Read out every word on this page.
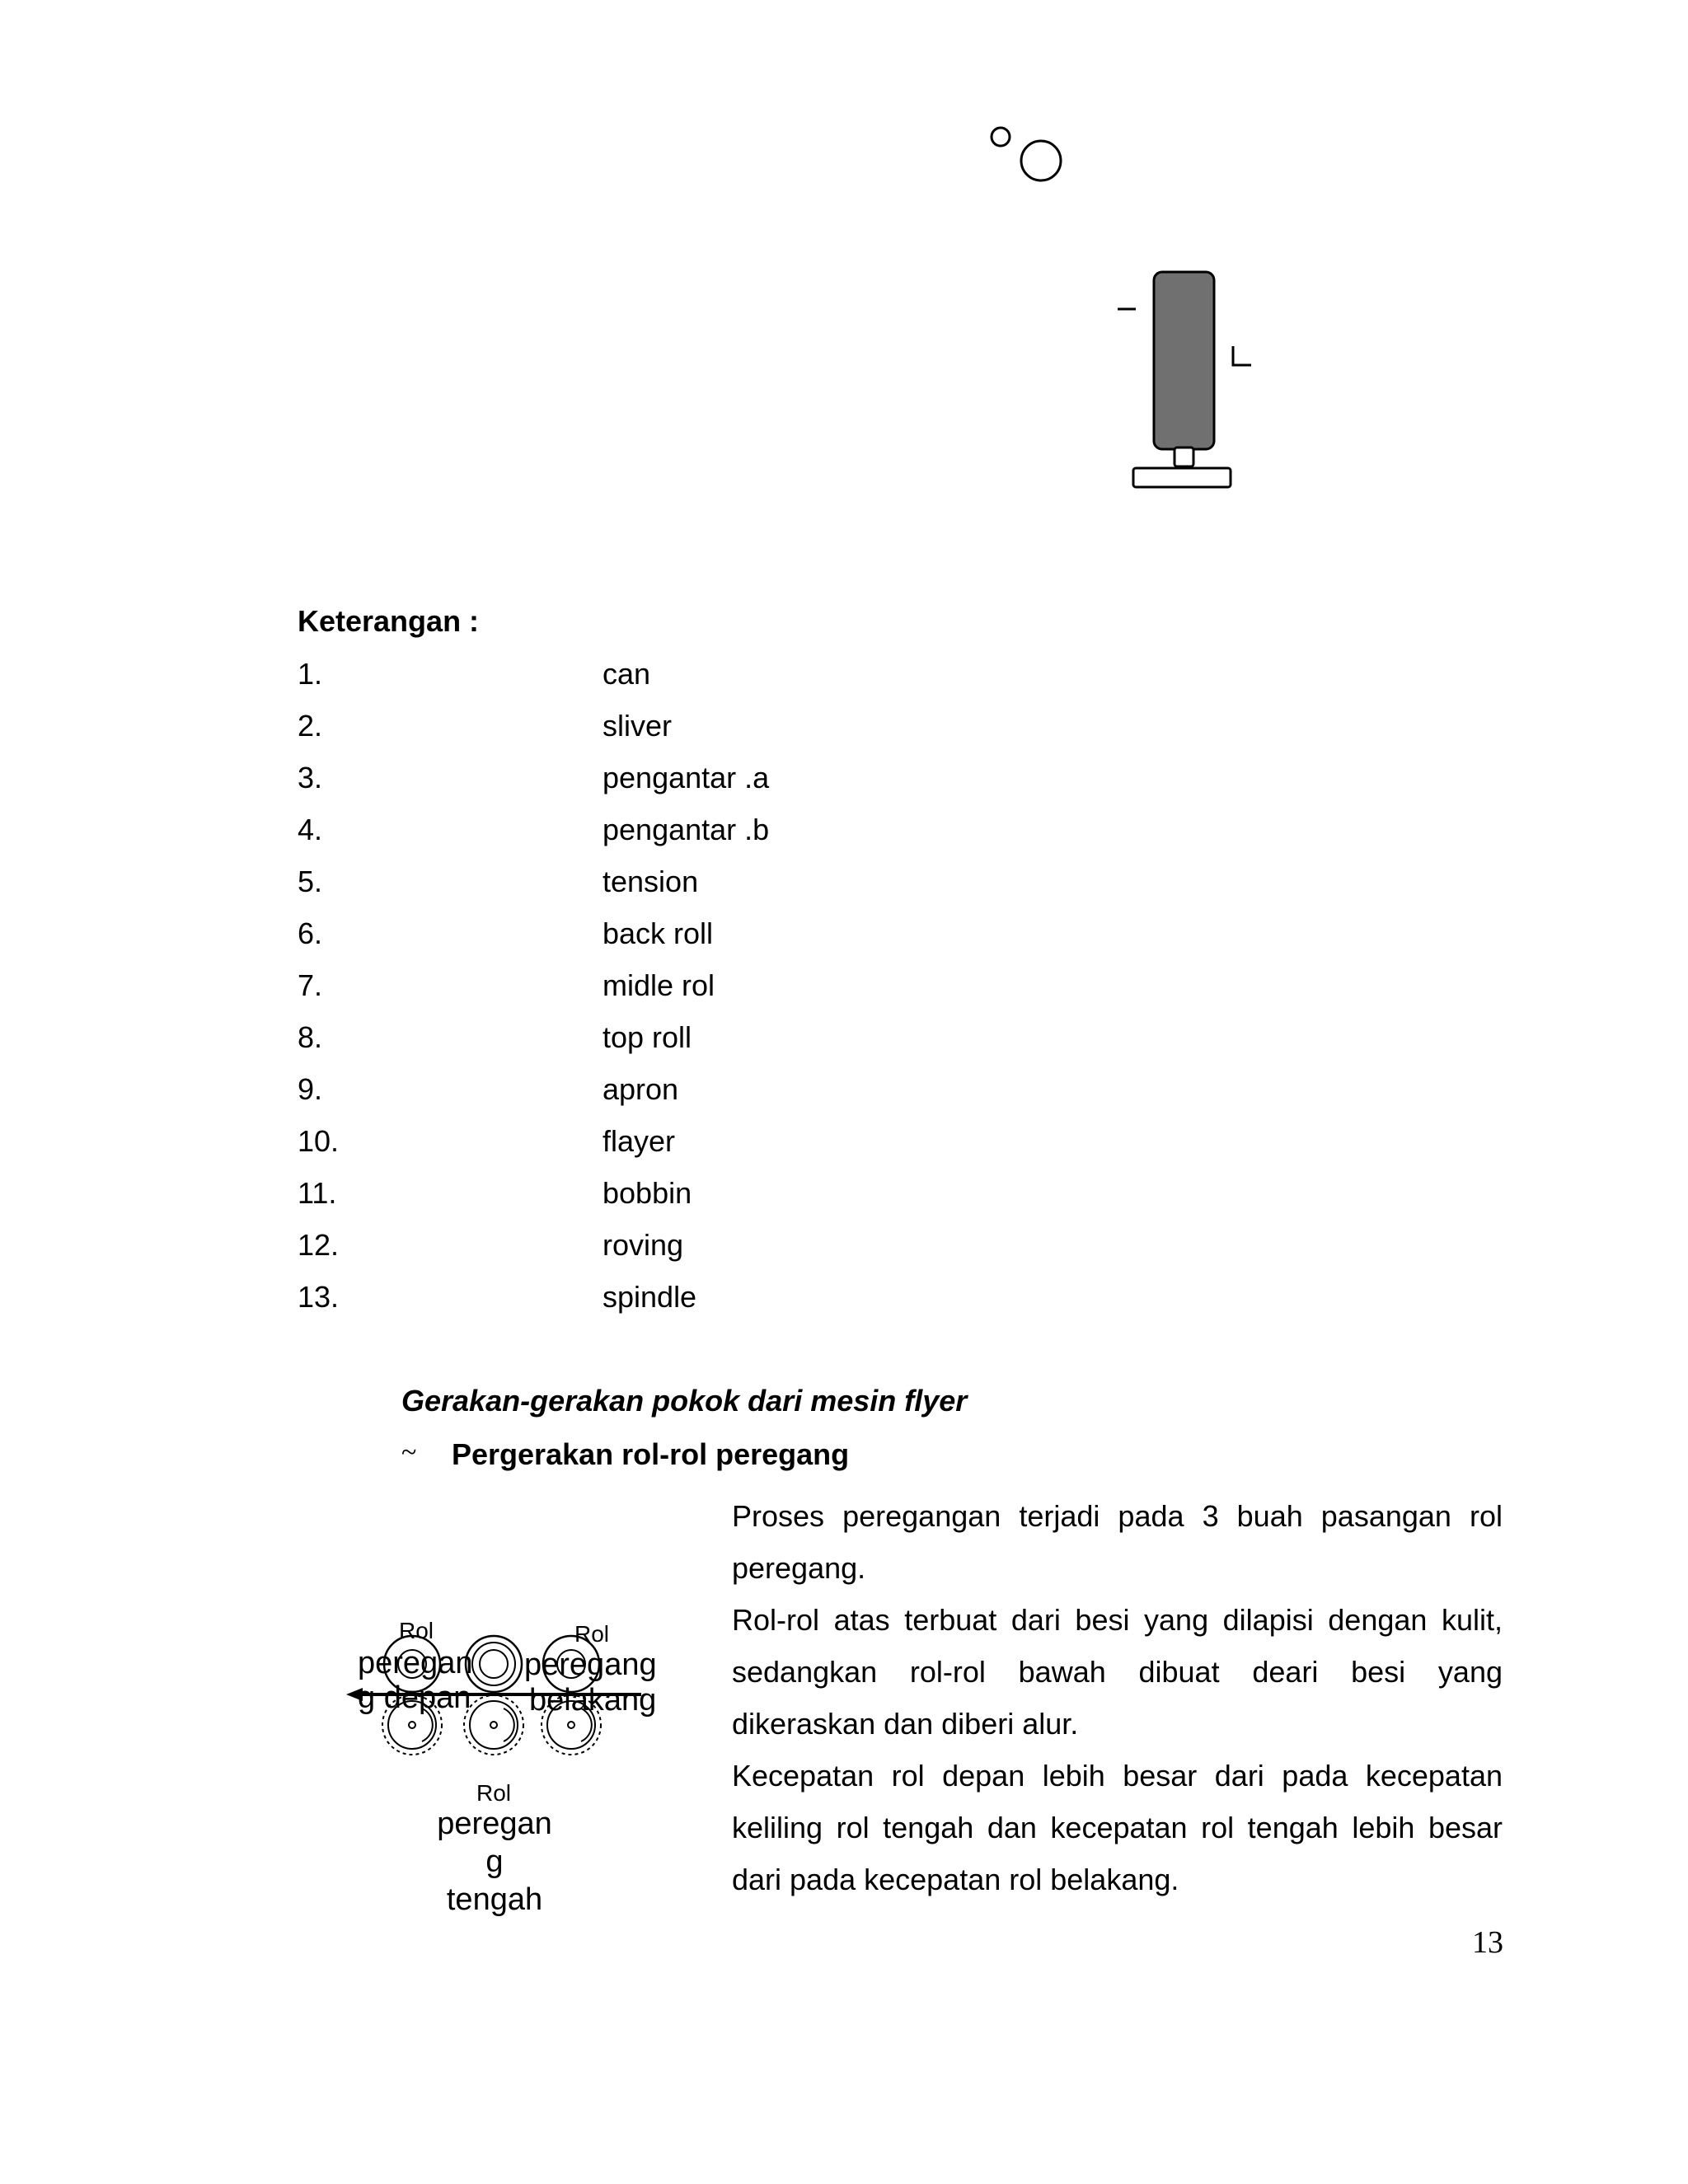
Keterangan :
1.	can
2.	sliver
3.	pengantar .a
4.	pengantar .b
5.	tension
6.	back roll
7.	midle rol
8.	top roll
9.	apron
10.	flayer
11.	bobbin
12.	roving
13.	spindle
Gerakan-gerakan pokok dari mesin flyer
~ Pergerakan rol-rol peregang

Proses peregangan terjadi pada 3 buah pasangan rol peregang.

Rol-rol atas terbuat dari besi yang dilapisi dengan kulit, sedangkan rol-rol bawah dibuat deari besi yang dikeraskan dan diberi alur.

Kecepatan rol depan lebih besar dari pada kecepatan keliling rol tengah dan kecepatan rol tengah lebih besar dari pada kecepatan rol belakang.

Rol
peregan
g depan
Rol
peregang
belakang
Rol
peregan
g
tengah
13
